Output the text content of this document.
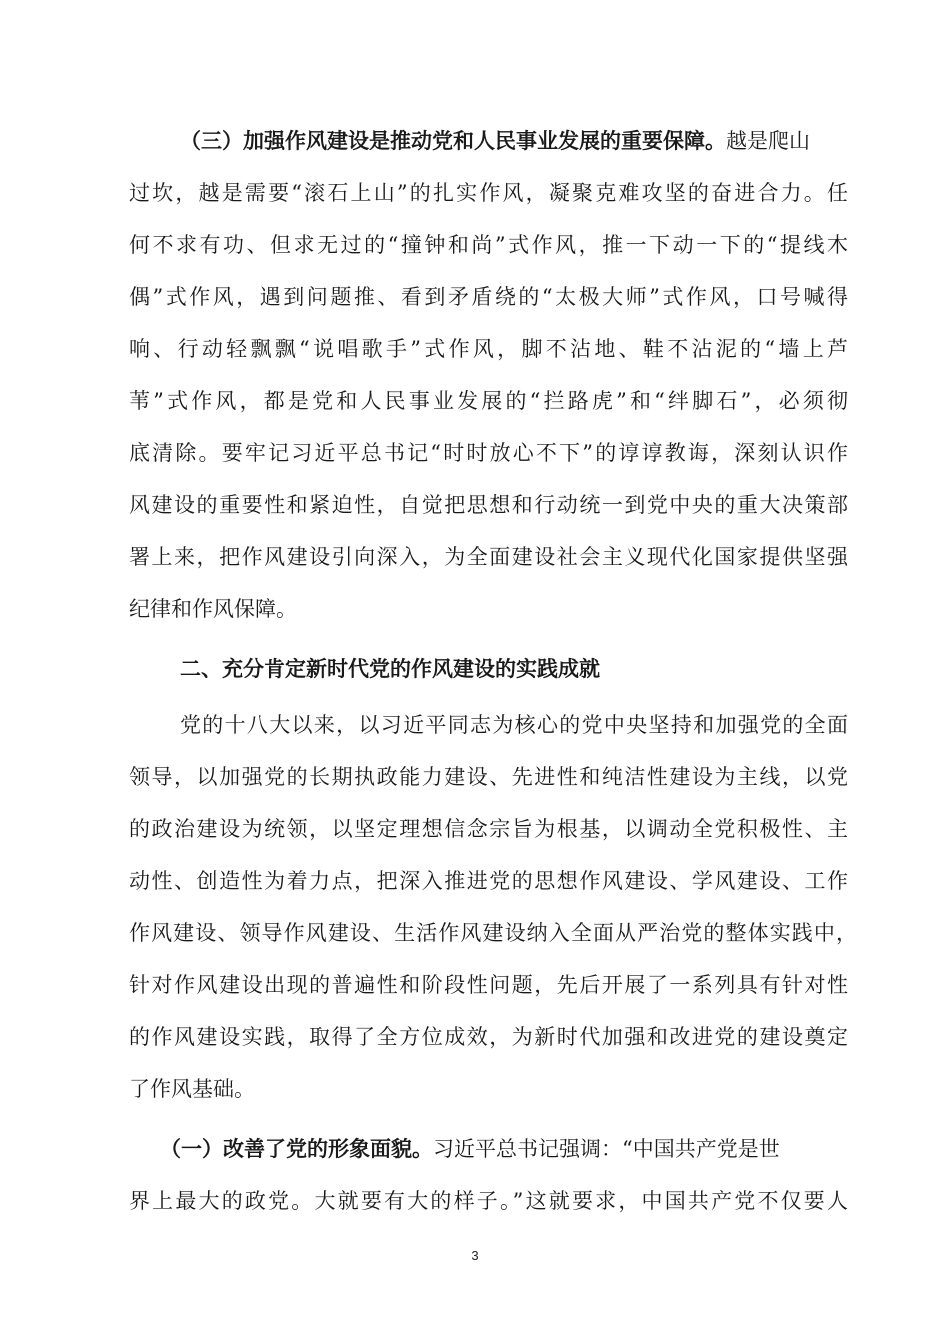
（三）加强作风建设是推动党和人民事业发展的重要保障。越是爬山
过坎，越是需要“滚石上山”的扎实作风，凝聚克难攻坚的奋进合力。任
何不求有功、但求无过的“撞钟和尚”式作风，推一下动一下的“提线木
偶”式作风，遇到问题推、看到矛盾绕的“太极大师”式作风，口号喊得
响、行动轻飘飘“说唱歌手”式作风，脚不沾地、鞋不沾泥的“墙上芦
苇”式作风，都是党和人民事业发展的“拦路虎”和“绊脚石”，必须彻
底清除。要牢记习近平总书记“时时放心不下”的谆谆教诲，深刻认识作
风建设的重要性和紧迫性，自觉把思想和行动统一到党中央的重大决策部
署上来，把作风建设引向深入，为全面建设社会主义现代化国家提供坚强
纪律和作风保障。
二、充分肯定新时代党的作风建设的实践成就
党的十八大以来，以习近平同志为核心的党中央坚持和加强党的全面
领导，以加强党的长期执政能力建设、先进性和纯洁性建设为主线，以党
的政治建设为统领，以坚定理想信念宗旨为根基，以调动全党积极性、主
动性、创造性为着力点，把深入推进党的思想作风建设、学风建设、工作
作风建设、领导作风建设、生活作风建设纳入全面从严治党的整体实践中，
针对作风建设出现的普遍性和阶段性问题，先后开展了一系列具有针对性
的作风建设实践，取得了全方位成效，为新时代加强和改进党的建设奠定
了作风基础。
（一）改善了党的形象面貌。习近平总书记强调：“中国共产党是世
界上最大的政党。大就要有大的样子。”这就要求，中国共产党不仅要人
3
